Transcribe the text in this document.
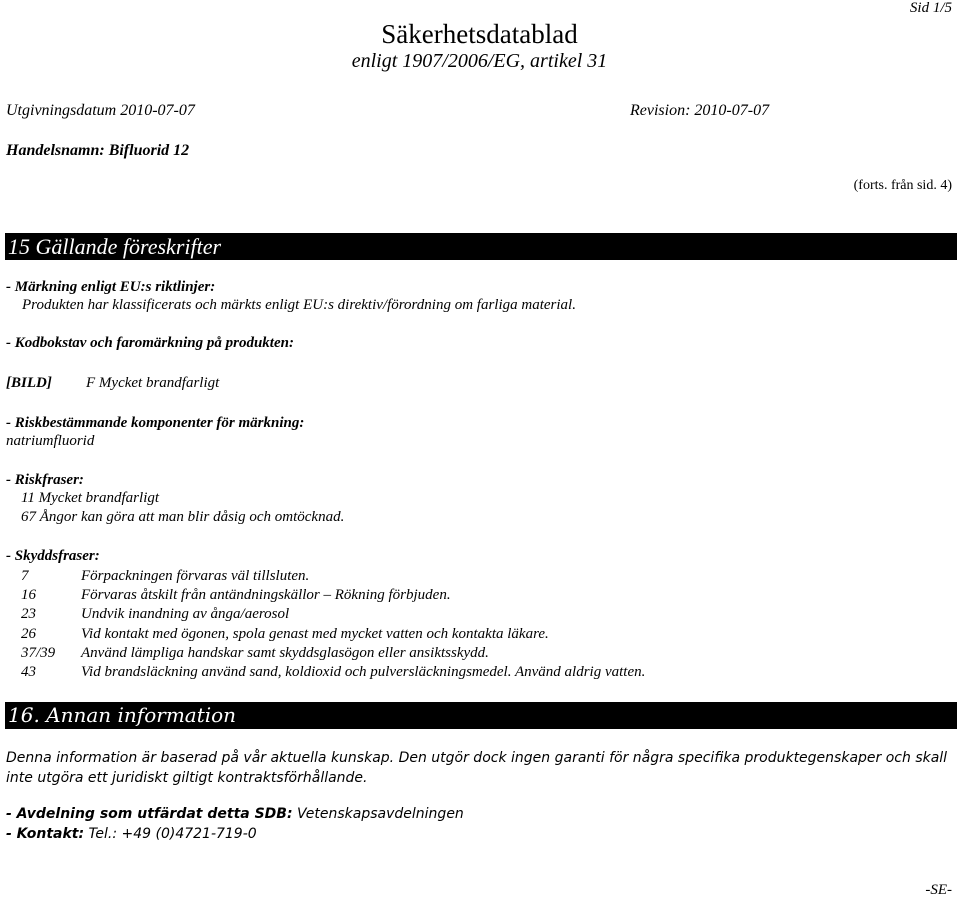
Sid 1/5
Säkerhetsdatablad
enligt 1907/2006/EG, artikel 31
Utgivningsdatum 2010-07-07	Revision: 2010-07-07
Handelsnamn: Bifluorid 12
(forts. från sid. 4)
15 Gällande föreskrifter
- Märkning enligt EU:s riktlinjer:
Produkten har klassificerats och märkts enligt EU:s direktiv/förordning om farliga material.
- Kodbokstav och faromärkning på produkten:
[BILD] F Mycket brandfarligt
- Riskbestämmande komponenter för märkning:
natriumfluorid
- Riskfraser:
11 Mycket brandfarligt
67 Ångor kan göra att man blir dåsig och omtöcknad.
- Skyddsfraser:
7	Förpackningen förvaras väl tillsluten.
16	Förvaras åtskilt från antändningskällor – Rökning förbjuden.
23	Undvik inandning av ånga/aerosol
26	Vid kontakt med ögonen, spola genast med mycket vatten och kontakta läkare.
37/39 Använd lämpliga handskar samt skyddsglasögon eller ansiktsskydd.
43	Vid brandsläckning använd sand, koldioxid och pulversläckningsmedel. Använd aldrig vatten.
16. Annan information
Denna information är baserad på vår aktuella kunskap. Den utgör dock ingen garanti för några specifika produktegenskaper och skall inte utgöra ett juridiskt giltigt kontraktsförhållande.
- Avdelning som utfärdat detta SDB: Vetenskapsavdelningen
- Kontakt: Tel.: +49 (0)4721-719-0
-SE-
